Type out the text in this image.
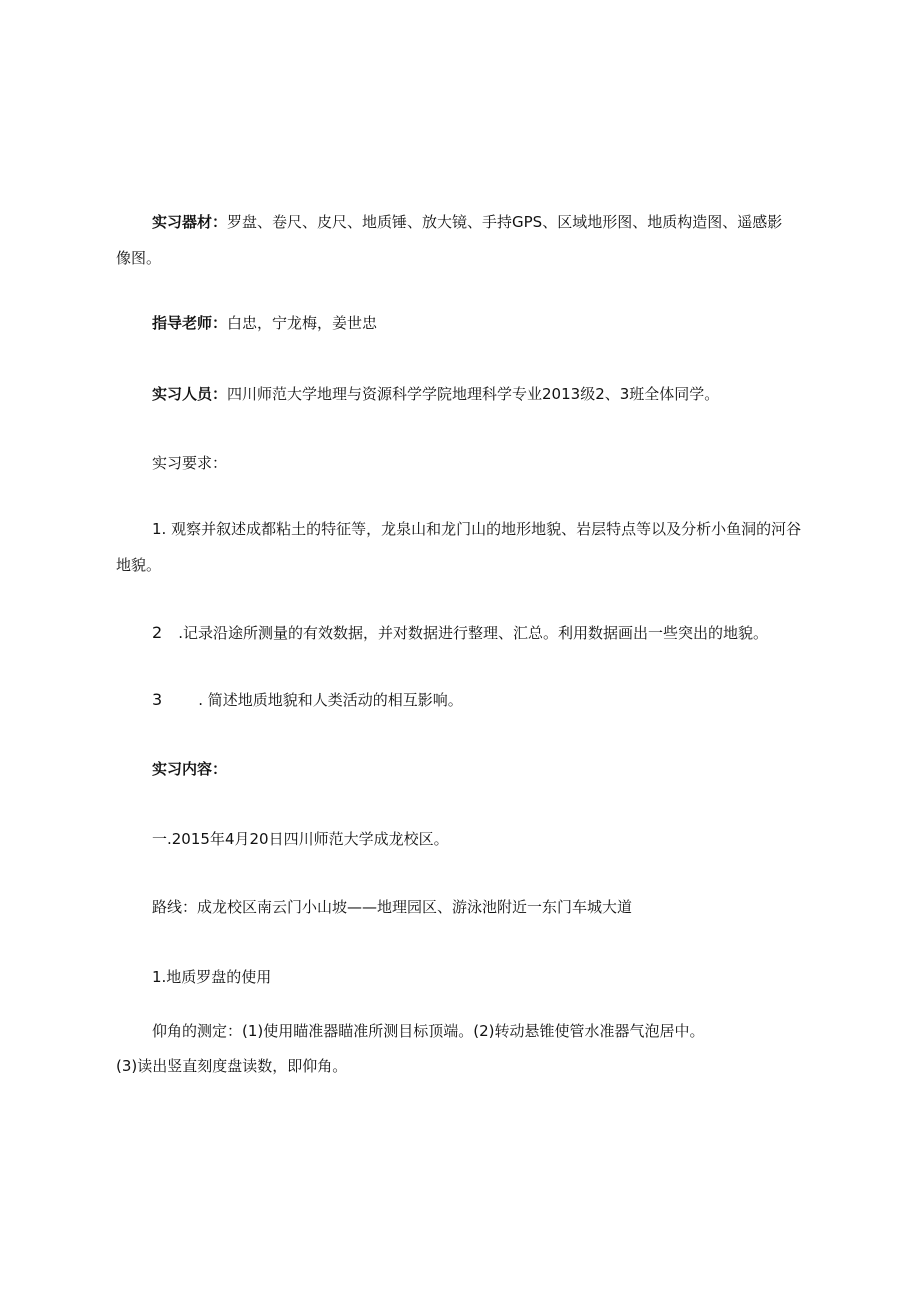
实习器材：罗盘、卷尺、皮尺、地质锤、放大镜、手持GPS、区域地形图、地质构造图、遥感影
像图。
指导老师：白忠，宁龙梅，姜世忠
实习人员：四川师范大学地理与资源科学学院地理科学专业2013级2、3班全体同学。
实习要求：
1. 观察并叙述成都粘土的特征等，龙泉山和龙门山的地形地貌、岩层特点等以及分析小鱼洞的河谷
地貌。
2 .记录沿途所测量的有效数据，并对数据进行整理、汇总。利用数据画出一些突出的地貌。
3 . 简述地质地貌和人类活动的相互影响。
实习内容：
一.2015年4月20日四川师范大学成龙校区。
路线：成龙校区南云门小山坡——地理园区、游泳池附近一东门车城大道
1.地质罗盘的使用
仰角的测定：(1)使用瞄准器瞄准所测目标顶端。(2)转动悬锥使管水准器气泡居中。
(3)读出竖直刻度盘读数，即仰角。
